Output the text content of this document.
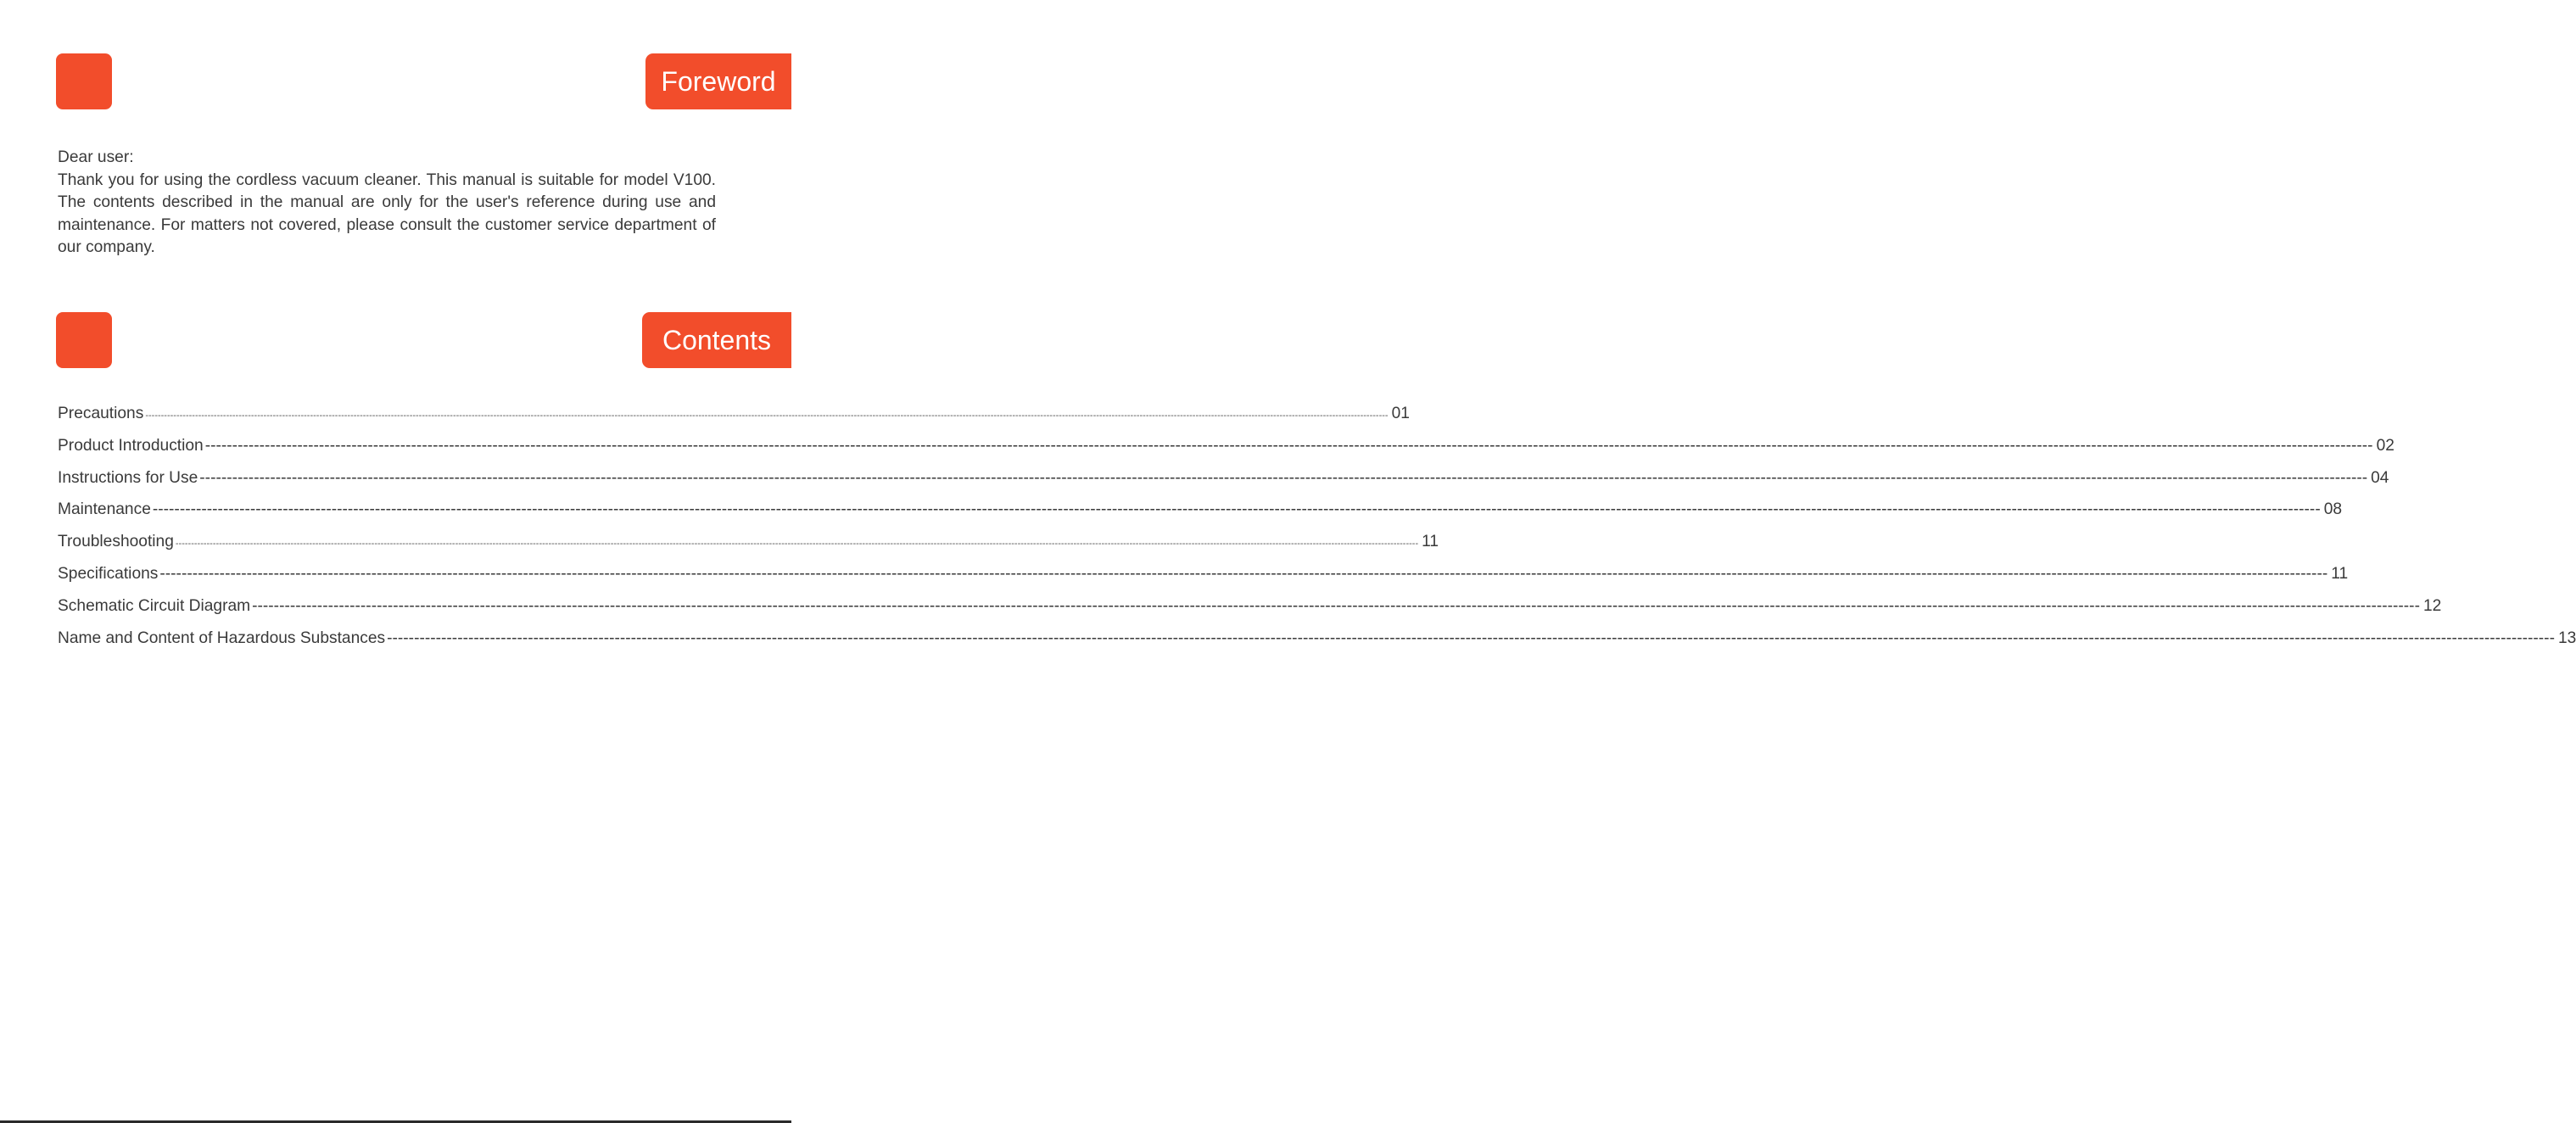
Foreword

Dear user:

Thank you for using the cordless vacuum cleaner. This manual is suitable for model V100. The contents described in the manual are only for the user's reference during use and maintenance. For matters not covered, please consult the customer service department of our company.

Contents
Precautions ---------------------------------------------------------------------------------------------------------------------------------------------------------------------------------------------------------------------------------------------------------------------------------------------------------------------------------------------------------------------------------------------------------------- 01
Product Introduction ---------------------------------------------------------------------------------------------------------------------------------------------------------------------------------------------------------------------------------------------------------------------------------------------------------------------------------------------------------------------------------------------------------------- 02
Instructions for Use ---------------------------------------------------------------------------------------------------------------------------------------------------------------------------------------------------------------------------------------------------------------------------------------------------------------------------------------------------------------------------------------------------------------- 04
Maintenance ---------------------------------------------------------------------------------------------------------------------------------------------------------------------------------------------------------------------------------------------------------------------------------------------------------------------------------------------------------------------------------------------------------------- 08
Troubleshooting ---------------------------------------------------------------------------------------------------------------------------------------------------------------------------------------------------------------------------------------------------------------------------------------------------------------------------------------------------------------------------------------------------------------- 11
Specifications ---------------------------------------------------------------------------------------------------------------------------------------------------------------------------------------------------------------------------------------------------------------------------------------------------------------------------------------------------------------------------------------------------------------- 11
Schematic Circuit Diagram ---------------------------------------------------------------------------------------------------------------------------------------------------------------------------------------------------------------------------------------------------------------------------------------------------------------------------------------------------------------------------------------------------------------- 12
Name and Content of Hazardous Substances ---------------------------------------------------------------------------------------------------------------------------------------------------------------------------------------------------------------------------------------------------------------------------------------------------------------------------------------------------------------------------------------------------------------- 13
